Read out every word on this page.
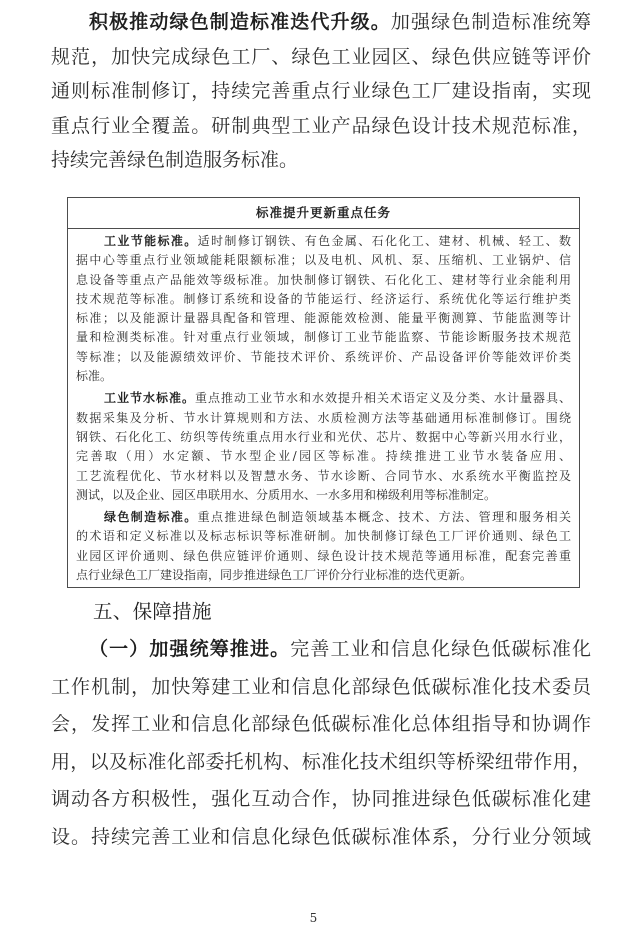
积极推动绿色制造标准迭代升级。加强绿色制造标准统筹
规范，加快完成绿色工厂、绿色工业园区、绿色供应链等评价
通则标准制修订，持续完善重点行业绿色工厂建设指南，实现
重点行业全覆盖。研制典型工业产品绿色设计技术规范标准，
持续完善绿色制造服务标准。
标准提升更新重点任务
工业节能标准。适时制修订钢铁、有色金属、石化化工、建材、机械、轻工、数
据中心等重点行业领域能耗限额标准；以及电机、风机、泵、压缩机、工业锅炉、信
息设备等重点产品能效等级标准。加快制修订钢铁、石化化工、建材等行业余能利用
技术规范等标准。制修订系统和设备的节能运行、经济运行、系统优化等运行维护类
标准；以及能源计量器具配备和管理、能源能效检测、能量平衡测算、节能监测等计
量和检测类标准。针对重点行业领域，制修订工业节能监察、节能诊断服务技术规范
等标准；以及能源绩效评价、节能技术评价、系统评价、产品设备评价等能效评价类
标准。
工业节水标准。重点推动工业节水和水效提升相关术语定义及分类、水计量器具、
数据采集及分析、节水计算规则和方法、水质检测方法等基础通用标准制修订。围绕
钢铁、石化化工、纺织等传统重点用水行业和光伏、芯片、数据中心等新兴用水行业，
完善取（用）水定额、节水型企业/园区等标准。持续推进工业节水装备应用、
工艺流程优化、节水材料以及智慧水务、节水诊断、合同节水、水系统水平衡监控及
测试，以及企业、园区串联用水、分质用水、一水多用和梯级利用等标准制定。
绿色制造标准。重点推进绿色制造领域基本概念、技术、方法、管理和服务相关
的术语和定义标准以及标志标识等标准研制。加快制修订绿色工厂评价通则、绿色工
业园区评价通则、绿色供应链评价通则、绿色设计技术规范等通用标准，配套完善重
点行业绿色工厂建设指南，同步推进绿色工厂评价分行业标准的迭代更新。
五、保障措施
（一）加强统筹推进。完善工业和信息化绿色低碳标准化
工作机制，加快筹建工业和信息化部绿色低碳标准化技术委员
会，发挥工业和信息化部绿色低碳标准化总体组指导和协调作
用，以及标准化部委托机构、标准化技术组织等桥梁纽带作用，
调动各方积极性，强化互动合作，协同推进绿色低碳标准化建
设。持续完善工业和信息化绿色低碳标准体系，分行业分领域
5
